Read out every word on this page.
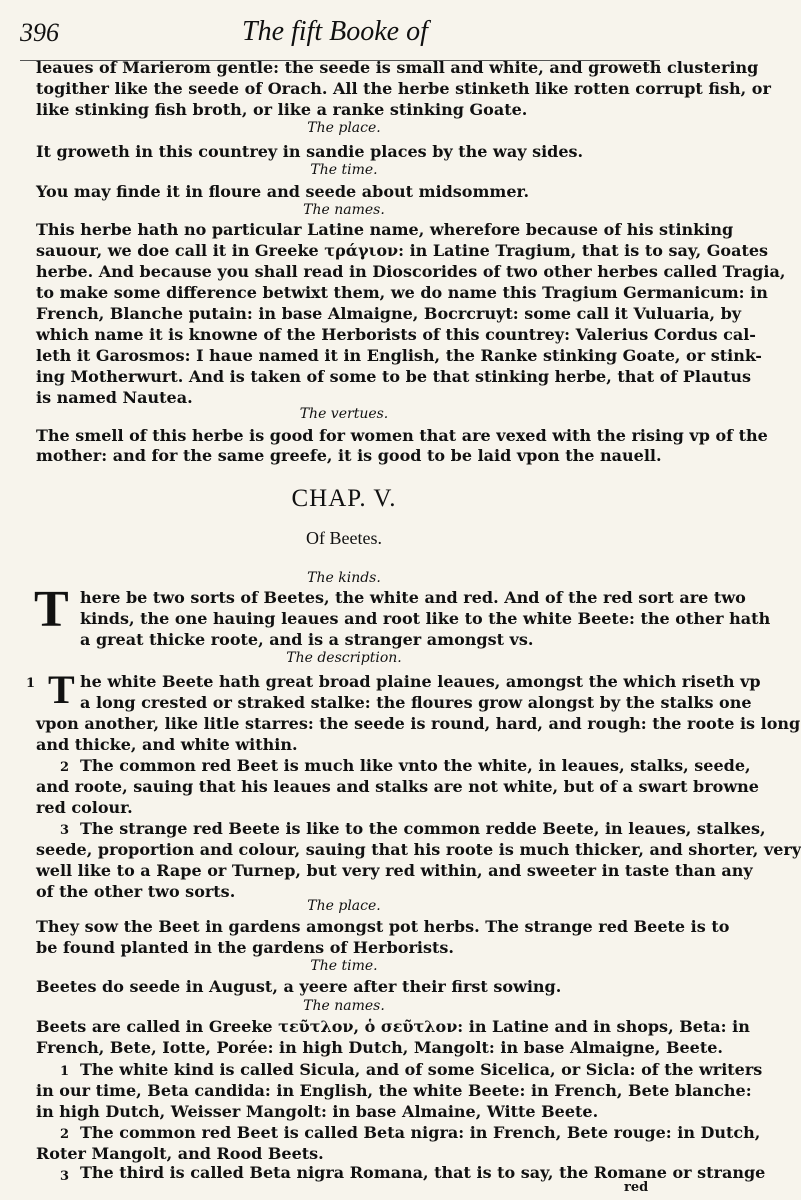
396	The fift Booke of
leaues of Marierom gentle: the seede is small and white, and groweth clustering
togither like the seede of Orach. All the herbe stinketh like rotten corrupt fish, or
like stinking fish broth, or like a ranke stinking Goate.
The place.
It groweth in this countrey in sandie places by the way sides.
The time.
You may finde it in floure and seede about midsommer.
The names.
This herbe hath no particular Latine name, wherefore because of his stinking
sauour, we doe call it in Greeke τράγιον: in Latine Tragium, that is to say, Goates
herbe. And because you shall read in Dioscorides of two other herbes called Tragia,
to make some difference betwixt them, we do name this Tragium Germanicum: in
French, Blanche putain: in base Almaigne, Bocrcruyt: some call it Vuluaria, by
which name it is knowne of the Herborists of this countrey: Valerius Cordus cal-
leth it Garosmos: I haue named it in English, the Ranke stinking Goate, or stink-
ing Motherwurt. And is taken of some to be that stinking herbe, that of Plautus
is named Nautea.
The vertues.
The smell of this herbe is good for women that are vexed with the rising vp of the
mother: and for the same greefe, it is good to be laid vpon the nauell.
CHAP. V.
Of Beetes.
The kinds.
T here be two sorts of Beetes, the white and red. And of the red sort are two
kinds, the one hauing leaues and root like to the white Beete: the other hath
a great thicke roote, and is a stranger amongst vs.
The description.
1 T he white Beete hath great broad plaine leaues, amongst the which riseth vp
a long crested or straked stalke: the floures grow alongst by the stalks one
vpon another, like litle starres: the seede is round, hard, and rough: the roote is long
and thicke, and white within.
2 The common red Beet is much like vnto the white, in leaues, stalks, seede,
and roote, sauing that his leaues and stalks are not white, but of a swart browne
red colour.
3 The strange red Beete is like to the common redde Beete, in leaues, stalkes,
seede, proportion and colour, sauing that his roote is much thicker, and shorter, very
well like to a Rape or Turnep, but very red within, and sweeter in taste than any
of the other two sorts.
The place.
They sow the Beet in gardens amongst pot herbs. The strange red Beete is to
be found planted in the gardens of Herborists.
The time.
Beetes do seede in August, a yeere after their first sowing.
The names.
Beets are called in Greeke τεῦτλον, ὁ σεῦτλον: in Latine and in shops, Beta: in
French, Bete, Iotte, Porée: in high Dutch, Mangolt: in base Almaigne, Beete.
1 The white kind is called Sicula, and of some Sicelica, or Sicla: of the writers
in our time, Beta candida: in English, the white Beete: in French, Bete blanche:
in high Dutch, Weisser Mangolt: in base Almaine, Witte Beete.
2 The common red Beet is called Beta nigra: in French, Bete rouge: in Dutch,
Roter Mangolt, and Rood Beets.
3 The third is called Beta nigra Romana, that is to say, the Romane or strange
red
